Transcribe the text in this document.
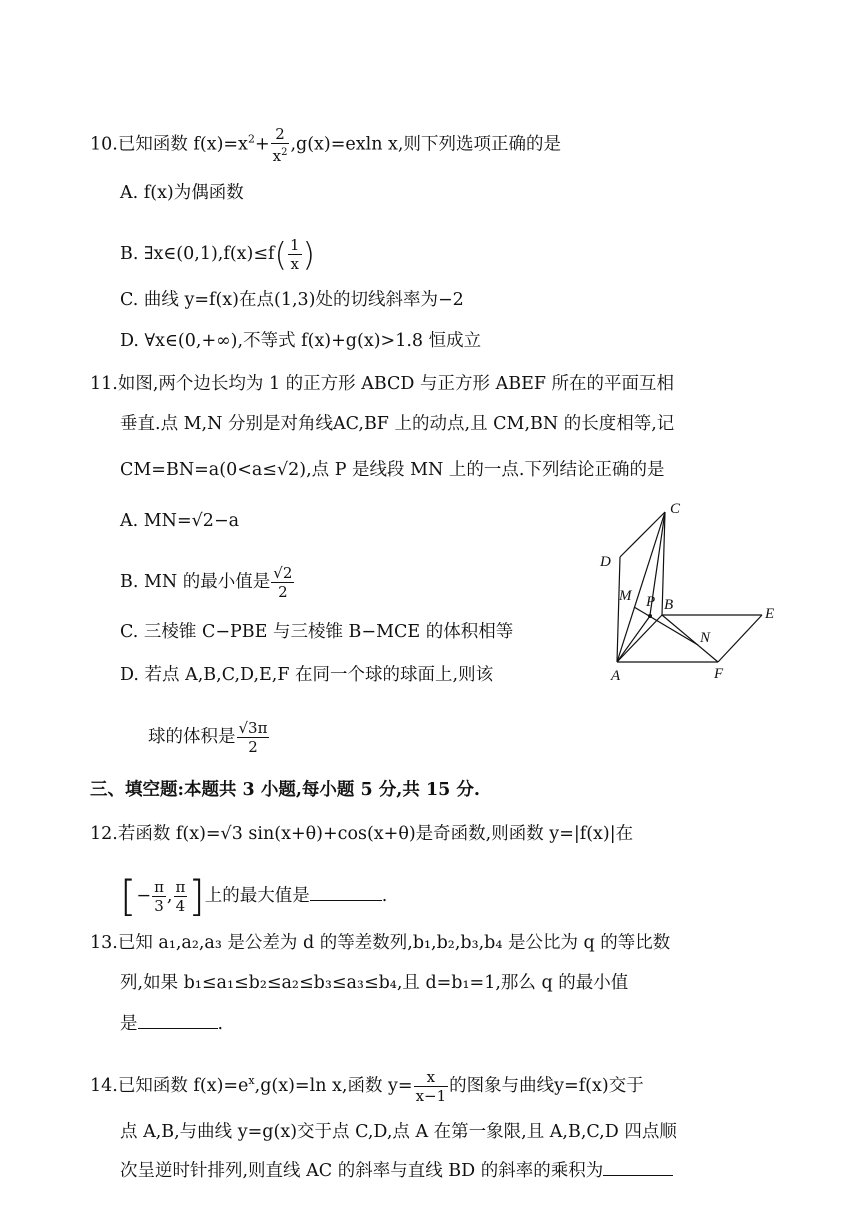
10.已知函数 $f(x)=x^2+ \frac{2}{x^2} ,g(x)=exln$ x,则下列选项正确的是
A. f(x)为偶函数
B. ∃x∈(0,1),f(x)≤f( $\frac{1}{x}$ )
C. 曲线 y=f(x)在点(1,3)处的切线斜率为−2
D. ∀x∈(0,+∞),不等式 f(x)+g(x)>1.8 恒成立
11.如图,两个边长均为 1 的正方形 ABCD 与正方形 ABEF 所在的平面互相
垂直.点 M,N 分别是对角线AC,BF 上的动点,且 CM,BN 的长度相等,记
CM=BN=a(0<a≤√2),点 P 是线段 MN 上的一点.下列结论正确的是
A. MN=√2−a
B. MN 的最小值是 $\frac{√2}{2}$
C. 三棱锥 C−PBE 与三棱锥 B−MCE 的体积相等
D. 若点 A,B,C,D,E,F 在同一个球的球面上,则该
球的体积是 $\frac{√3\pi}{2}$
C
D
M P B
E
N
A	F
三、填空题:本题共 3 小题,每小题 5 分,共 15 分.
12.若函数 f(x)=√3 sin(x+θ)+cos(x+θ)是奇函数,则函数 y=|f(x)|在
[− $\frac{\pi}{3}$ , $\frac{\pi}{4}$ ]上的最大值是	.
13.已知 a₁,a₂,a₃ 是公差为 d 的等差数列,b₁,b₂,b₃,b₄ 是公比为 q 的等比数
列,如果 b₁≤a₁≤b₂≤a₂≤b₃≤a₃≤b₄,且 d=b₁=1,那么 q 的最小值
是	.
14.已知函数 $f(x)=e^x,g(x)=\ln$ x,函数 $y= \frac{x}{x-1}$ 的图象与曲线y=f(x)交于
点 A,B,与曲线 y=g(x)交于点 C,D,点 A 在第一象限,且 A,B,C,D 四点顺
次呈逆时针排列,则直线 AC 的斜率与直线 BD 的斜率的乘积为
